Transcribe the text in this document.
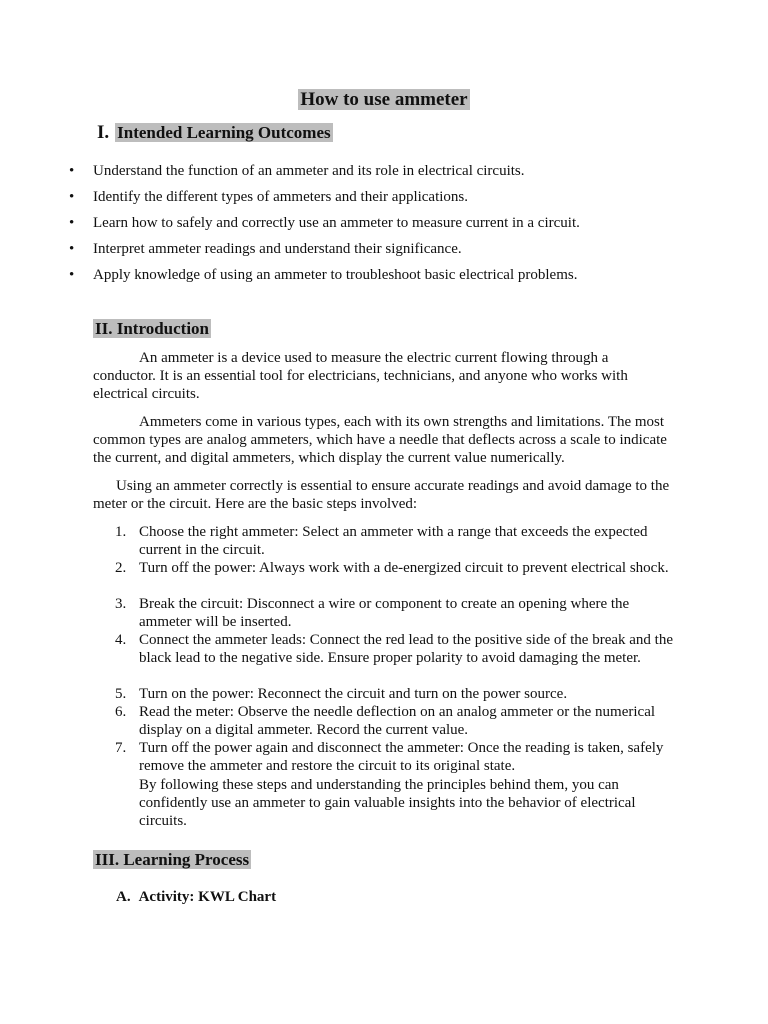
How to use ammeter
I. Intended Learning Outcomes
• Understand the function of an ammeter and its role in electrical circuits.
• Identify the different types of ammeters and their applications.
• Learn how to safely and correctly use an ammeter to measure current in a circuit.
• Interpret ammeter readings and understand their significance.
• Apply knowledge of using an ammeter to troubleshoot basic electrical problems.
II. Introduction

An ammeter is a device used to measure the electric current flowing through a conductor. It is an essential tool for electricians, technicians, and anyone who works with electrical circuits.

Ammeters come in various types, each with its own strengths and limitations. The most common types are analog ammeters, which have a needle that deflects across a scale to indicate the current, and digital ammeters, which display the current value numerically.

Using an ammeter correctly is essential to ensure accurate readings and avoid damage to the meter or the circuit. Here are the basic steps involved:

1. Choose the right ammeter: Select an ammeter with a range that exceeds the expected current in the circuit.
2. Turn off the power: Always work with a de-energized circuit to prevent electrical shock.
3. Break the circuit: Disconnect a wire or component to create an opening where the ammeter will be inserted.
4. Connect the ammeter leads: Connect the red lead to the positive side of the break and the black lead to the negative side. Ensure proper polarity to avoid damaging the meter.
5. Turn on the power: Reconnect the circuit and turn on the power source.
6. Read the meter: Observe the needle deflection on an analog ammeter or the numerical display on a digital ammeter. Record the current value.
7. Turn off the power again and disconnect the ammeter: Once the reading is taken, safely remove the ammeter and restore the circuit to its original state.

By following these steps and understanding the principles behind them, you can confidently use an ammeter to gain valuable insights into the behavior of electrical circuits.

III. Learning Process
A. Activity: KWL Chart
